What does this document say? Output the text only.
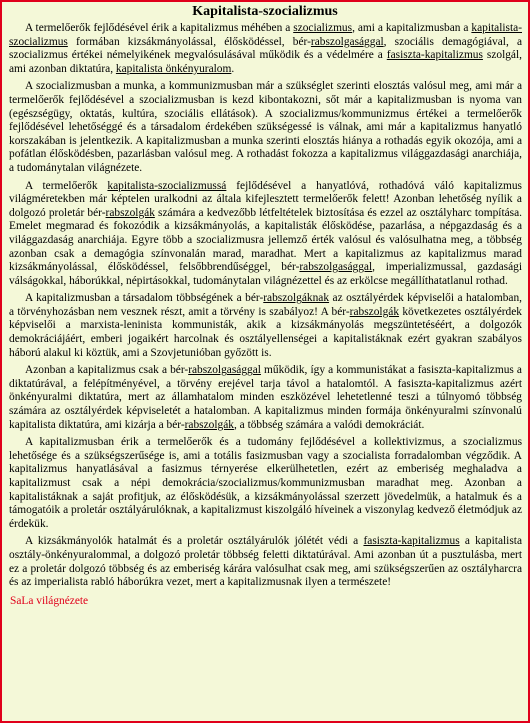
Kapitalista-szocializmus

A termelőerők fejlődésével érik a kapitalizmus méhében a szocializmus, ami a kapitalizmusban a kapitalista-szocializmus formában kizsákmányolással, élősködéssel, bér-rabszolgasággal, szociális demagógiával, a szocializmus értékei némelyikének megvalósulásával működik és a védelmére a fasiszta-kapitalizmus szolgál, ami azonban diktatúra, kapitalista önkényuralom.

A szocializmusban a munka, a kommunizmusban már a szükséglet szerinti elosztás valósul meg, ami már a termelőerők fejlődésével a szocializmusban is kezd kibontakozni, sőt már a kapitalizmusban is nyoma van (egészségügy, oktatás, kultúra, szociális ellátások). A szocializmus/kommunizmus értékei a termelőerők fejlődésével lehetőséggé és a társadalom érdekében szükségessé is válnak, ami már a kapitalizmus hanyatló korszakában is jelentkezik. A kapitalizmusban a munka szerinti elosztás hiánya a rothadás egyik okozója, ami a pofátlan élősködésben, pazarlásban valósul meg. A rothadást fokozza a kapitalizmus világgazdasági anarchiája, a tudománytalan világnézete.

A termelőerők kapitalista-szocializmussá fejlődésével a hanyatlóvá, rothadóvá váló kapitalizmus világméretekben már képtelen uralkodni az általa kifejlesztett termelőerők felett! Azonban lehetőség nyílik a dolgozó proletár bér-rabszolgák számára a kedvezőbb létfeltételek biztosítása és ezzel az osztályharc tompítása. Emelet megmarad és fokozódik a kizsákmányolás, a kapitalisták élősködése, pazarlása, a népgazdaság és a világgazdaság anarchiája. Egyre több a szocializmusra jellemző érték valósul és valósulhatna meg, a többség azonban csak a demagógia színvonalán marad, maradhat. Mert a kapitalizmus az kapitalizmus marad kizsákmányolással, élősködéssel, felsőbbrendűséggel, bér-rabszolgasággal, imperializmussal, gazdasági válságokkal, háborúkkal, népirtásokkal, tudománytalan világnézettel és az erkölcse megállíthatatlanul rothad.

A kapitalizmusban a társadalom többségének a bér-rabszolgáknak az osztályérdek képviselői a hatalomban, a törvényhozásban nem vesznek részt, amit a törvény is szabályoz! A bér-rabszolgák következetes osztályérdek képviselői a marxista-leninista kommunisták, akik a kizsákmányolás megszüntetéséért, a dolgozók demokráciájáért, emberi jogaikért harcolnak és osztályellenségei a kapitalistáknak ezért gyakran szabályos háború alakul ki köztük, ami a Szovjetunióban győzött is.

Azonban a kapitalizmus csak a bér-rabszolgasággal működik, így a kommunistákat a fasiszta-kapitalizmus a diktatúrával, a felépítményével, a törvény erejével tarja távol a hatalomtól. A fasiszta-kapitalizmus azért önkényuralmi diktatúra, mert az államhatalom minden eszközével lehetetlenné teszi a túlnyomó többség számára az osztályérdek képviseletét a hatalomban. A kapitalizmus minden formája önkényuralmi színvonalú kapitalista diktatúra, ami kizárja a bér-rabszolgák, a többség számára a valódi demokráciát.

A kapitalizmusban érik a termelőerők és a tudomány fejlődésével a kollektivizmus, a szocializmus lehetősége és a szükségszerűsége is, ami a totális fasizmusban vagy a szocialista forradalomban végződik. A kapitalizmus hanyatlásával a fasizmus térnyerése elkerülhetetlen, ezért az emberiség meghaladva a kapitalizmust csak a népi demokrácia/szocializmus/kommunizmusban maradhat meg. Azonban a kapitalistáknak a saját profitjuk, az élősködésük, a kizsákmányolással szerzett jövedelmük, a hatalmuk és a támogatóik a proletár osztályárulóknak, a kapitalizmust kiszolgáló híveinek a viszonylag kedvező életmódjuk az érdekük.

A kizsákmányolók hatalmát és a proletár osztályárulók jólétét védi a fasiszta-kapitalizmus a kapitalista osztály-önkényuralommal, a dolgozó proletár többség feletti diktatúrával. Ami azonban út a pusztulásba, mert ez a proletár dolgozó többség és az emberiség kárára valósulhat csak meg, ami szükségszerűen az osztályharcra és az imperialista rabló háborúkra vezet, mert a kapitalizmusnak ilyen a természete!

SaLa világnézete
